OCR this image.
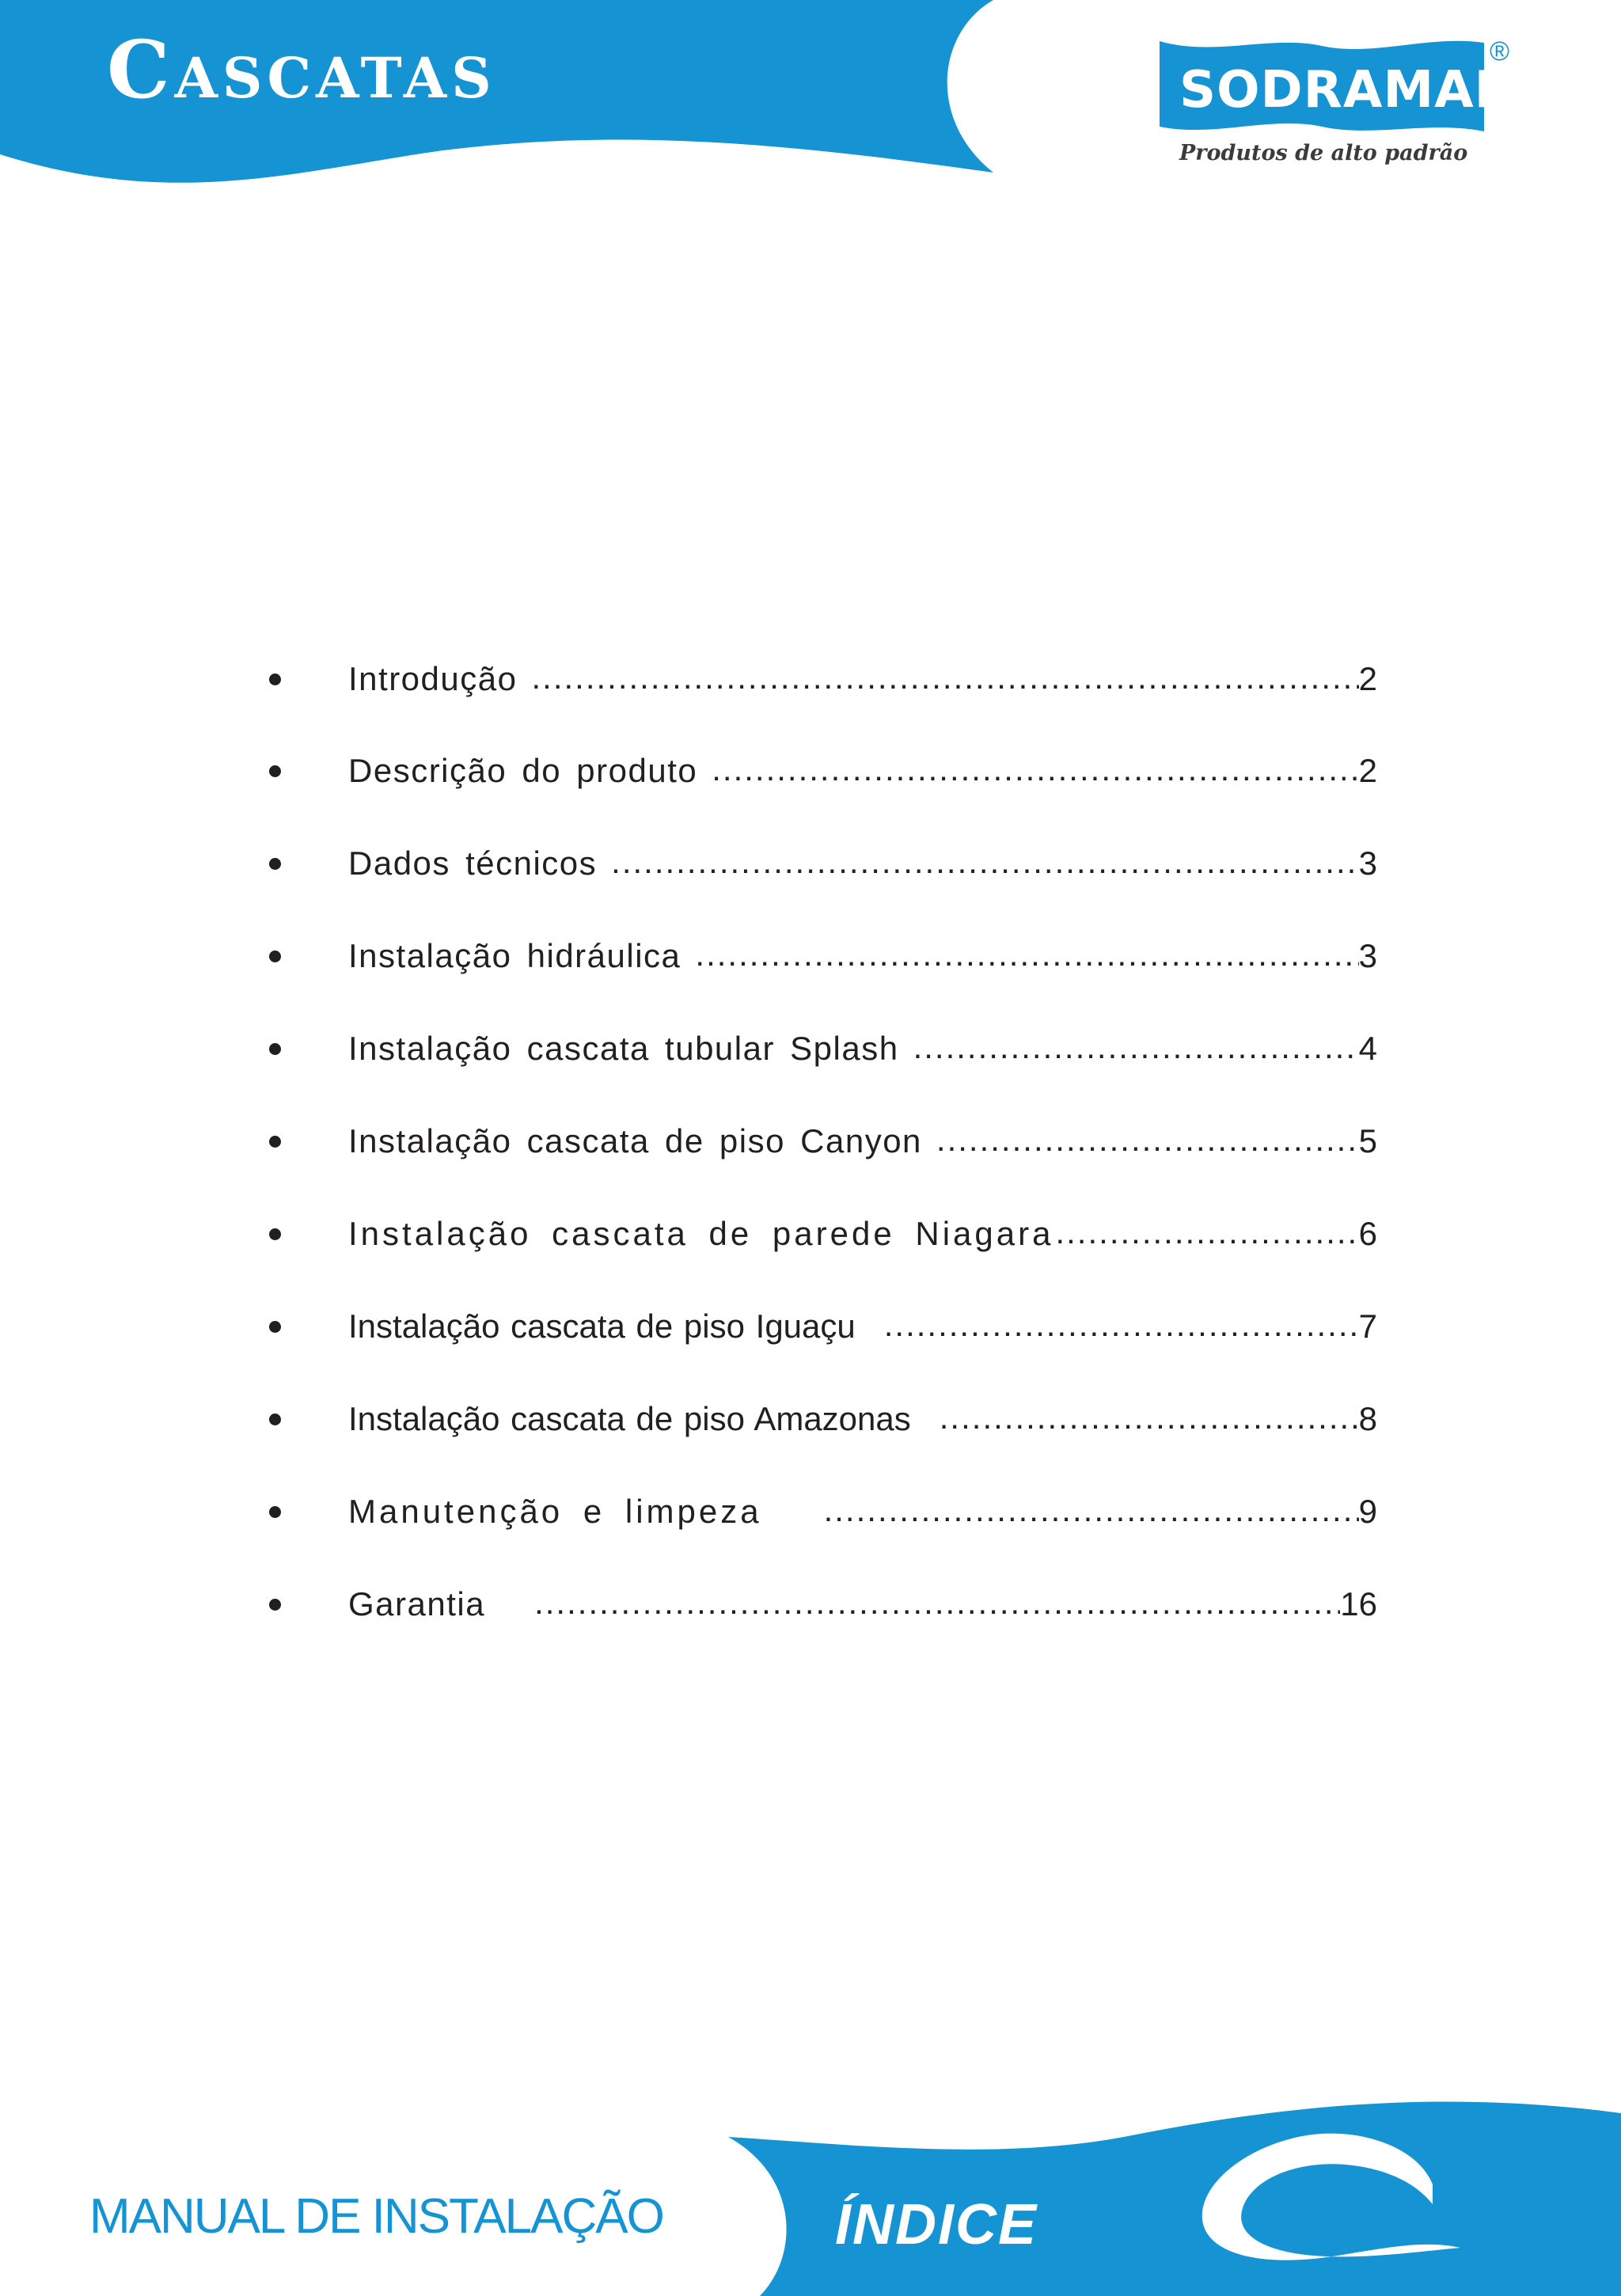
Cascatas	SODRAMAR
®
Produtos de alto padrão
Introdução .....	2
Descrição do produto .....	2
Dados técnicos .....	3
Instalação hidráulica .....	3
Instalação cascata tubular Splash .....	4
Instalação cascata de piso Canyon .....	5
Instalação cascata de parede Niagara .....	6
Instalação cascata de piso Iguaçu .....	7
Instalação cascata de piso Amazonas .....	8
Manutenção e limpeza .....	9
Garantia .....	16
MANUAL DE INSTALAÇÃO	ÍNDICE
